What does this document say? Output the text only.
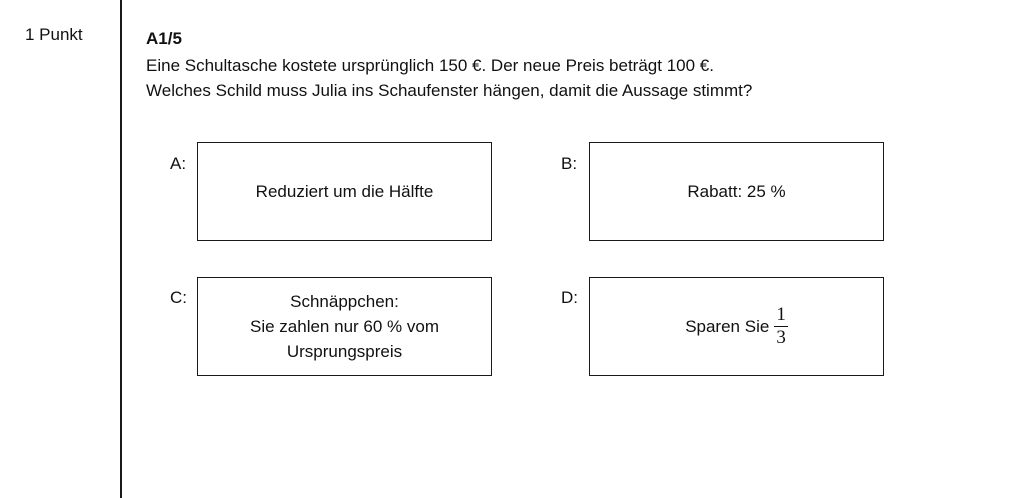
1 Punkt	A1/5
Eine Schultasche kostete ursprünglich 150 €. Der neue Preis beträgt 100 €.
Welches Schild muss Julia ins Schaufenster hängen, damit die Aussage stimmt?
A:
Reduziert um die Hälfte
B:
Rabatt: 25 %
C:	Schnäppchen:
Sie zahlen nur 60 % vom
Ursprungspreis
D:
Sparen Sie $\frac{1}{3}$
